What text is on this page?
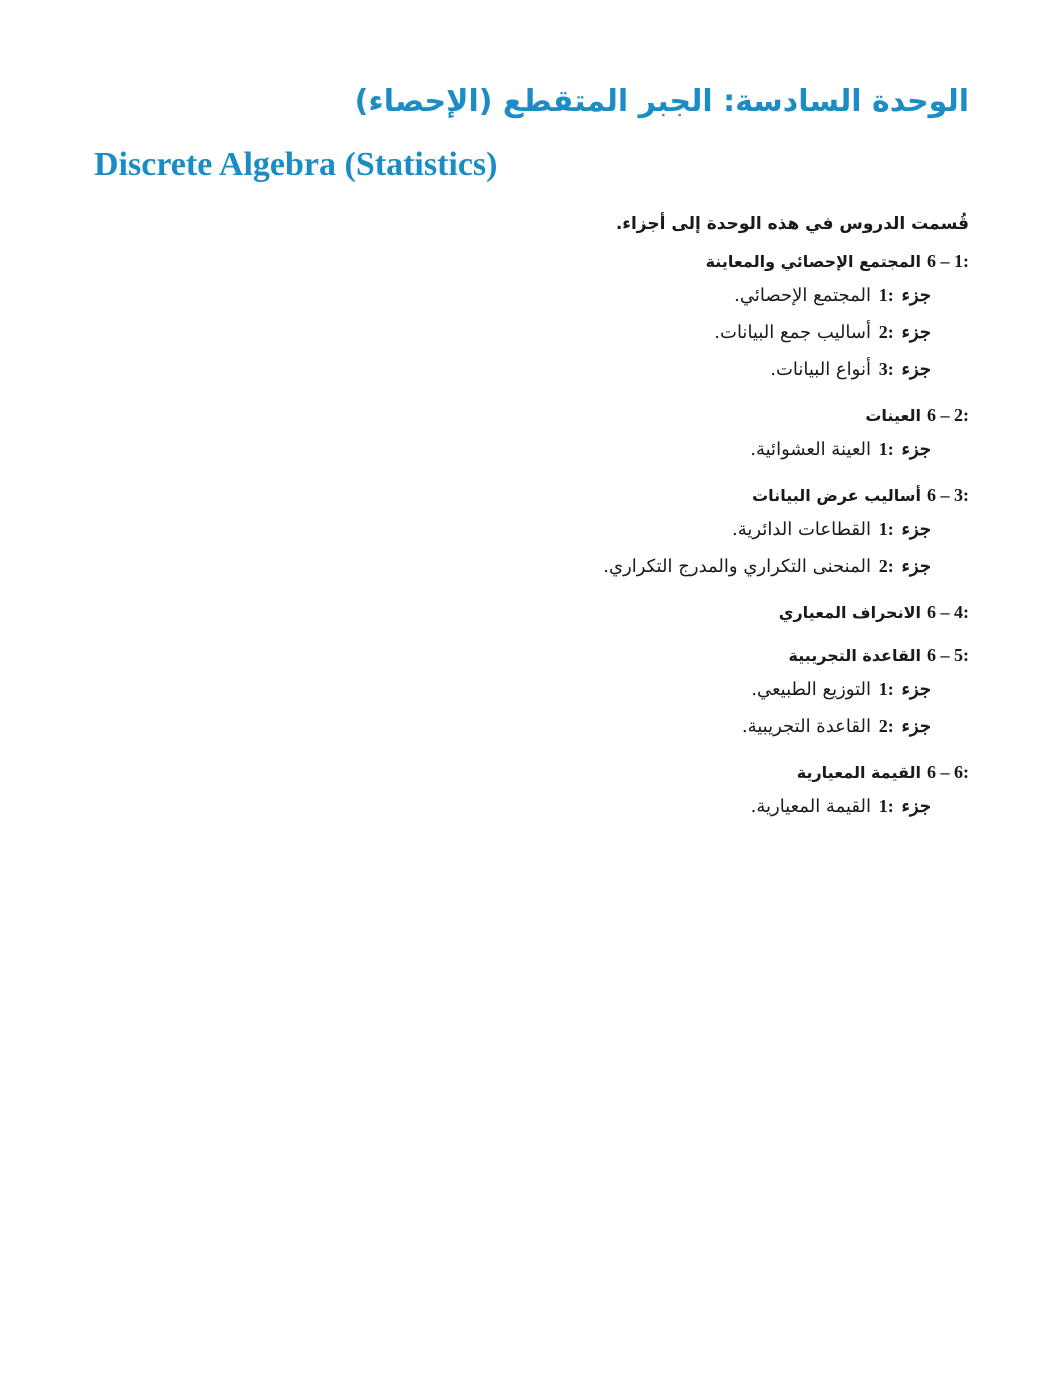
الوحدة السادسة: الجبر المتقطع (الإحصاء)
Discrete Algebra (Statistics)

قُسمت الدروس في هذه الوحدة إلى أجزاء.

6 – 1:المجتمع الإحصائي والمعاينة

جزء 1: المجتمع الإحصائي.

جزء 2: أساليب جمع البيانات.

جزء 3: أنواع البيانات.

6 – 2:العينات

جزء 1: العينة العشوائية.

6 – 3:أساليب عرض البيانات

جزء 1: القطاعات الدائرية.

جزء 2: المنحنى التكراري والمدرج التكراري.

6 – 4:الانحراف المعياري

6 – 5:القاعدة التجريبية

جزء 1: التوزيع الطبيعي.

جزء 2: القاعدة التجريبية.

6 – 6:القيمة المعيارية

جزء 1: القيمة المعيارية.
